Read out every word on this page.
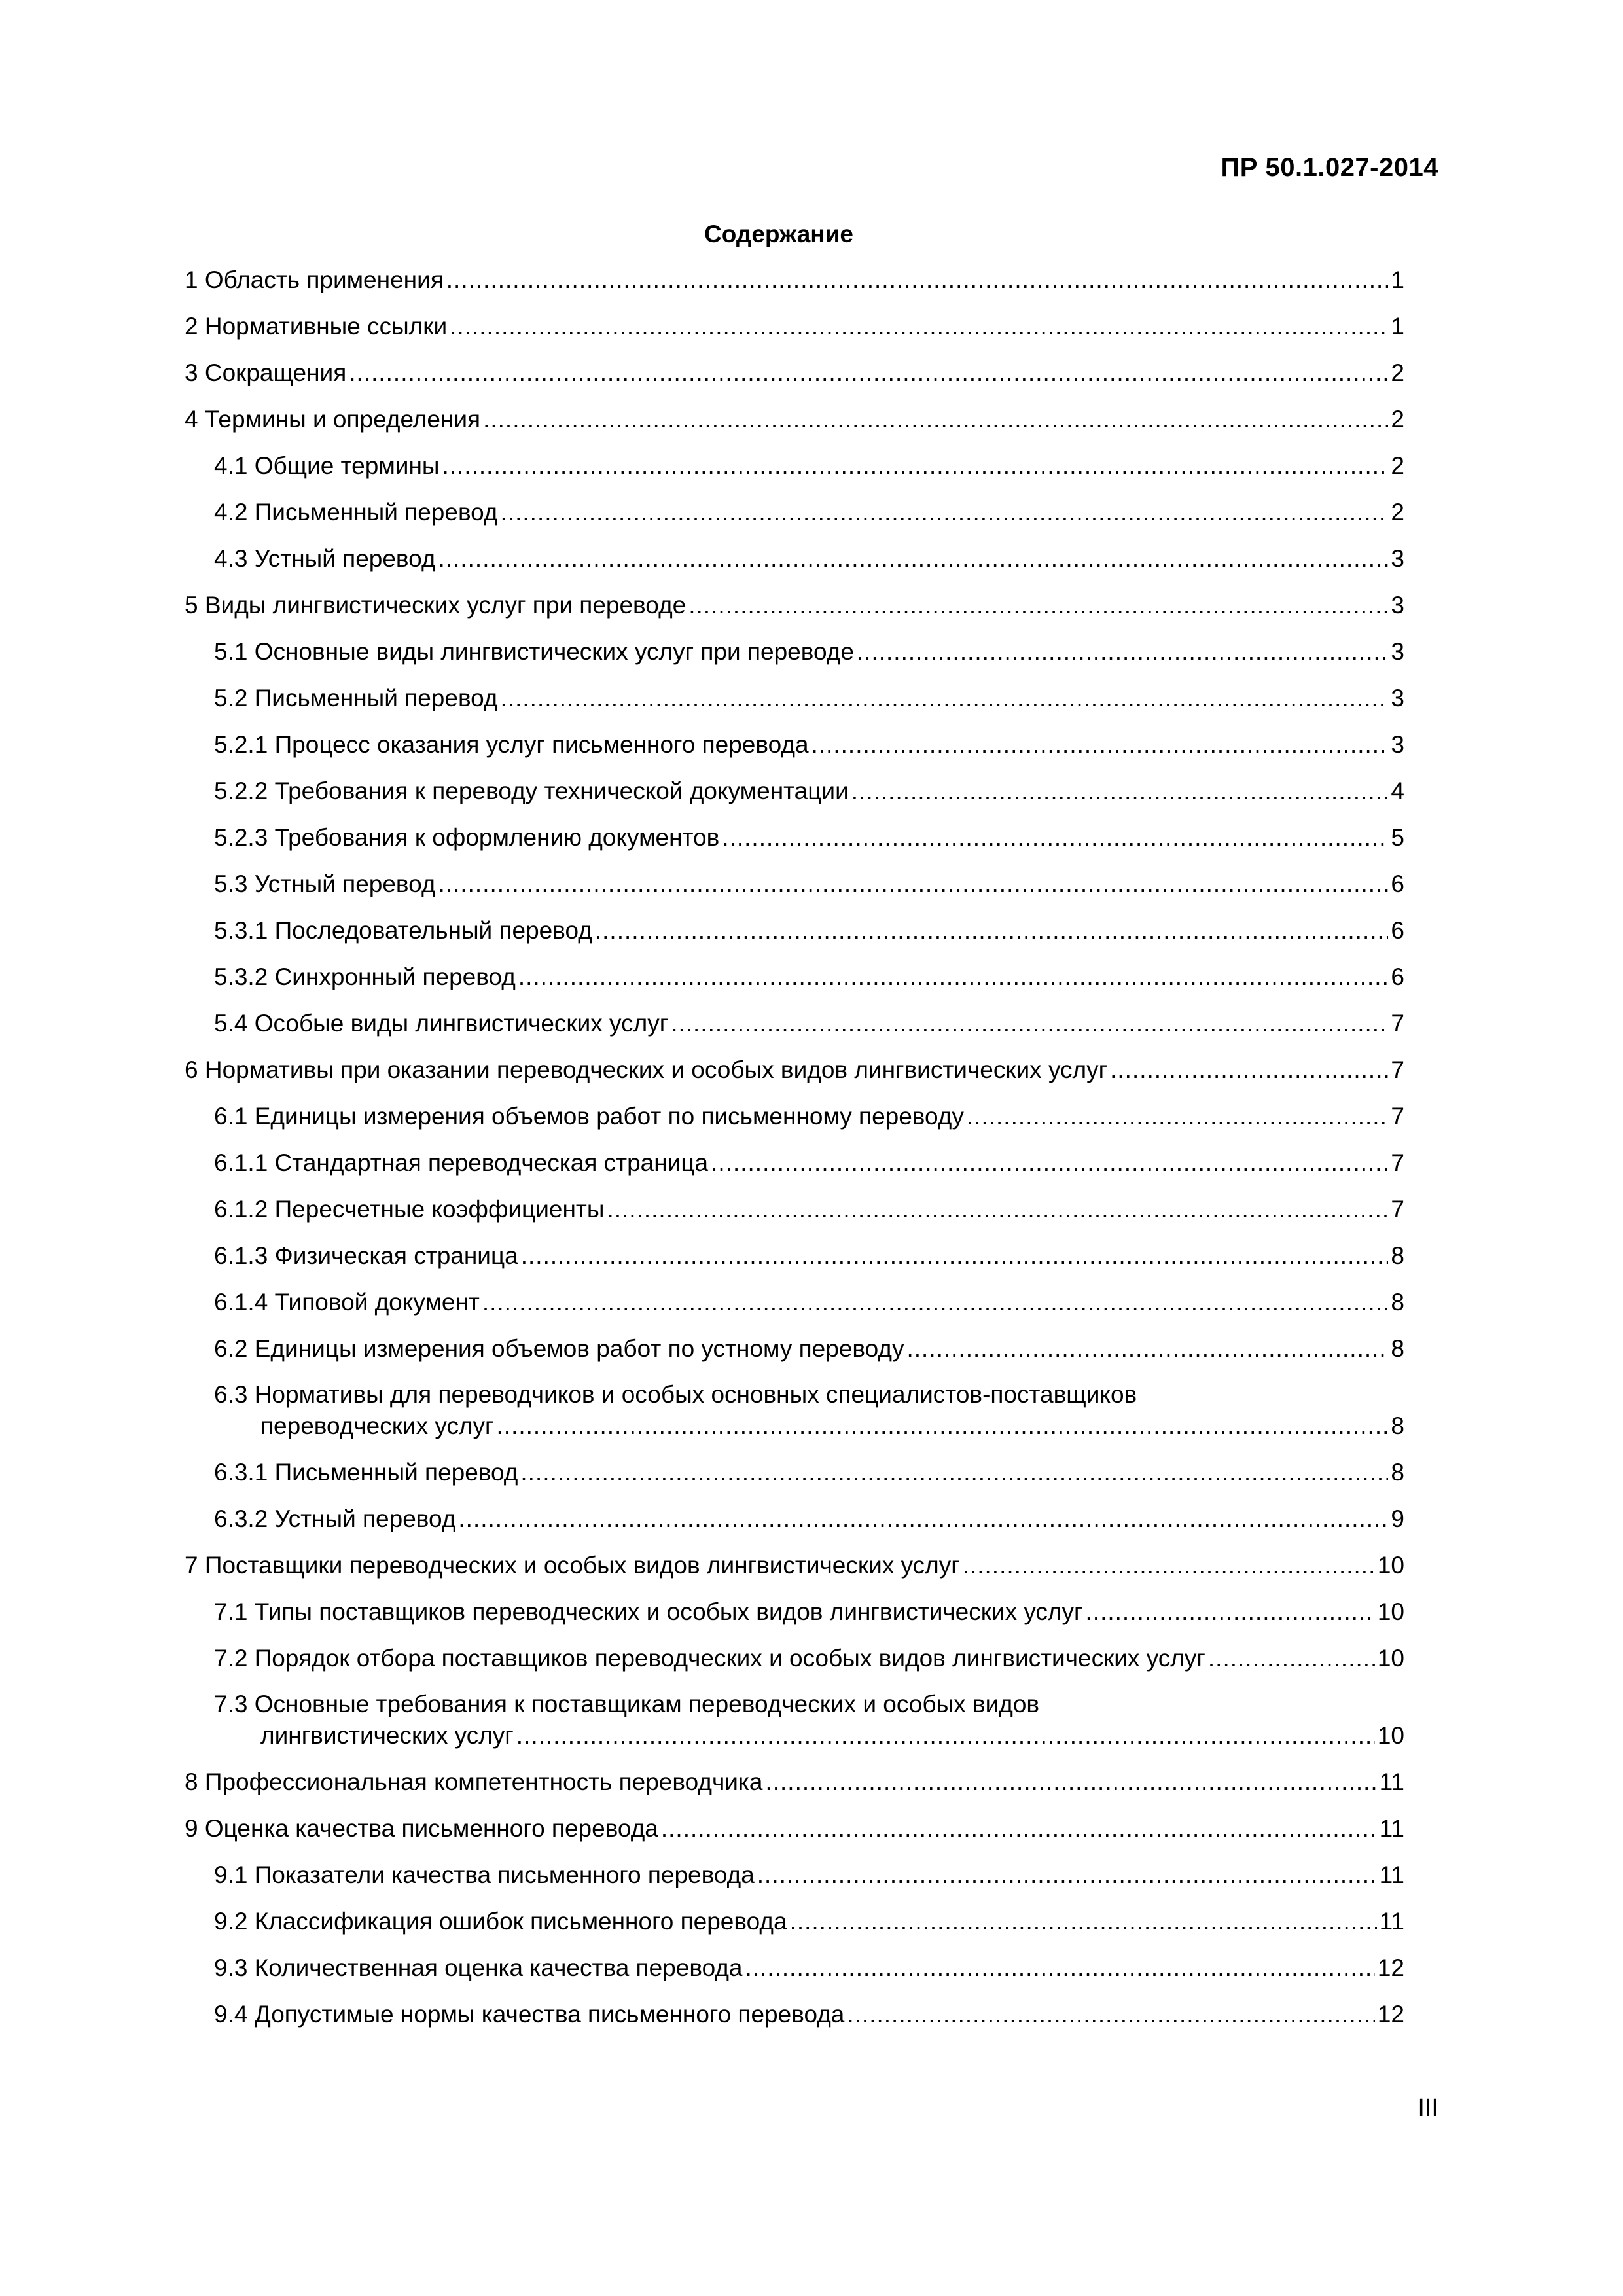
ПР 50.1.027-2014
Содержание
1 Область применения .....	1
2 Нормативные ссылки .....	1
3 Сокращения .....	2
4 Термины и определения .....	2
4.1 Общие термины .....	2
4.2 Письменный перевод .....	2
4.3 Устный перевод .....	3
5 Виды лингвистических услуг при переводе .....	3
5.1 Основные виды лингвистических услуг при переводе .....	3
5.2 Письменный перевод .....	3
5.2.1 Процесс оказания услуг письменного перевода .....	3
5.2.2 Требования к переводу технической документации .....	4
5.2.3 Требования к оформлению документов .....	5
5.3 Устный перевод .....	6
5.3.1 Последовательный перевод .....	6
5.3.2 Синхронный перевод .....	6
5.4 Особые виды лингвистических услуг .....	7
6 Нормативы при оказании переводческих и особых видов лингвистических услуг .....	7
6.1 Единицы измерения объемов работ по письменному переводу .....	7
6.1.1 Стандартная переводческая страница .....	7
6.1.2 Пересчетные коэффициенты .....	7
6.1.3 Физическая страница .....	8
6.1.4 Типовой документ .....	8
6.2 Единицы измерения объемов работ по устному переводу .....	8
6.3 Нормативы для переводчиков и особых основных специалистов-поставщиков
переводческих услуг .....	8
6.3.1 Письменный перевод .....	8
6.3.2 Устный перевод .....	9
7 Поставщики переводческих и особых видов лингвистических услуг .....	10
7.1 Типы поставщиков переводческих и особых видов лингвистических услуг .....	10
7.2 Порядок отбора поставщиков переводческих и особых видов лингвистических услуг .....	10
7.3 Основные требования к поставщикам переводческих и особых видов
лингвистических услуг .....	10
8 Профессиональная компетентность переводчика .....	11
9 Оценка качества письменного перевода .....	11
9.1 Показатели качества письменного перевода .....	11
9.2 Классификация ошибок письменного перевода .....	11
9.3 Количественная оценка качества перевода .....	12
9.4 Допустимые нормы качества письменного перевода .....	12
III
